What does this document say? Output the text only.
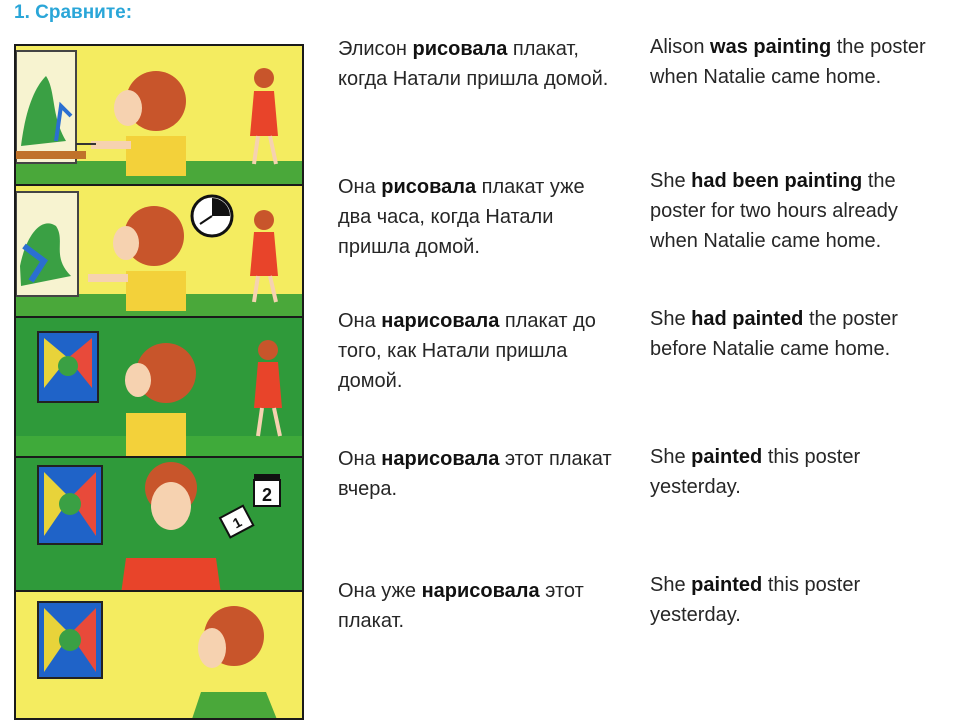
1. Сравните:
2
1
Элисон рисовала плакат, когда Натали пришла домой.
Alison was painting the poster when Natalie came home.
Она рисовала плакат уже два часа, когда Натали пришла домой.
She had been painting the poster for two hours already when Natalie came home.
Она нарисовала плакат до того, как Натали пришла домой.
She had painted the poster before Natalie came home.
Она нарисовала этот плакат вчера.
She painted this poster yesterday.
Она уже нарисовала этот плакат.
She painted this poster yesterday.
